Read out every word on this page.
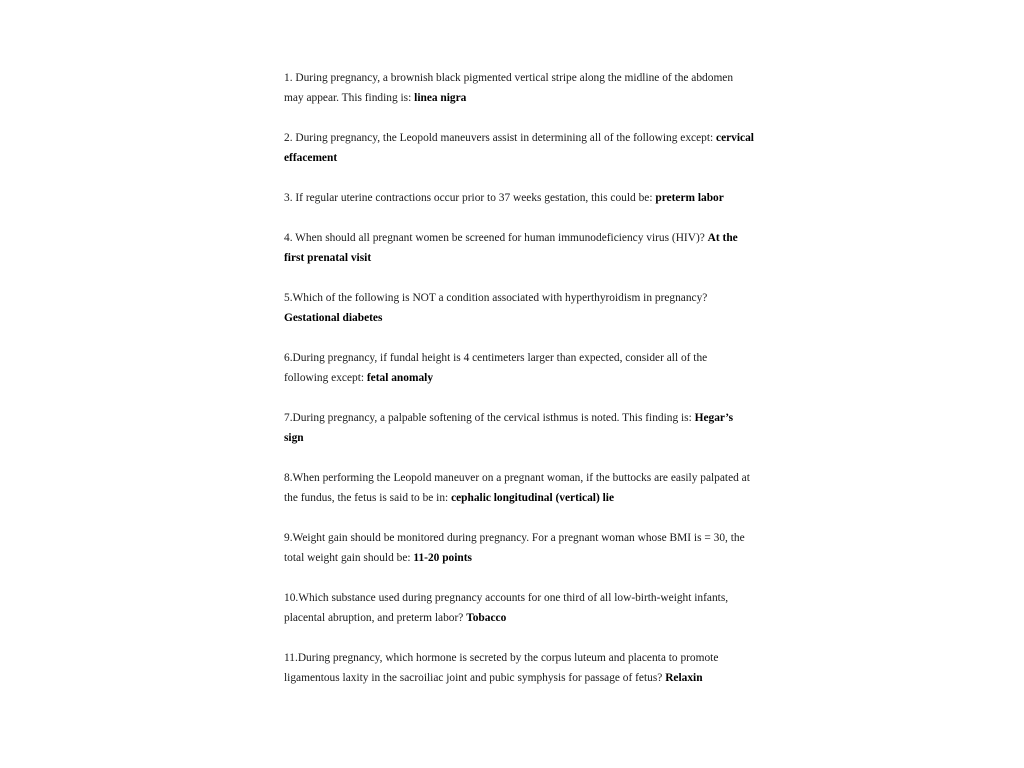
1. During pregnancy, a brownish black pigmented vertical stripe along the midline of the abdomen may appear. This finding is: linea nigra

2. During pregnancy, the Leopold maneuvers assist in determining all of the following except: cervical effacement

3. If regular uterine contractions occur prior to 37 weeks gestation, this could be: preterm labor

4. When should all pregnant women be screened for human immunodeficiency virus (HIV)? At the first prenatal visit

5.Which of the following is NOT a condition associated with hyperthyroidism in pregnancy? Gestational diabetes

6.During pregnancy, if fundal height is 4 centimeters larger than expected, consider all of the following except: fetal anomaly

7.During pregnancy, a palpable softening of the cervical isthmus is noted. This finding is: Hegar’s sign

8.When performing the Leopold maneuver on a pregnant woman, if the buttocks are easily palpated at the fundus, the fetus is said to be in: cephalic longitudinal (vertical) lie

9.Weight gain should be monitored during pregnancy. For a pregnant woman whose BMI is = 30, the total weight gain should be: 11-20 points

10.Which substance used during pregnancy accounts for one third of all low-birth-weight infants, placental abruption, and preterm labor? Tobacco

11.During pregnancy, which hormone is secreted by the corpus luteum and placenta to promote ligamentous laxity in the sacroiliac joint and pubic symphysis for passage of fetus? Relaxin
